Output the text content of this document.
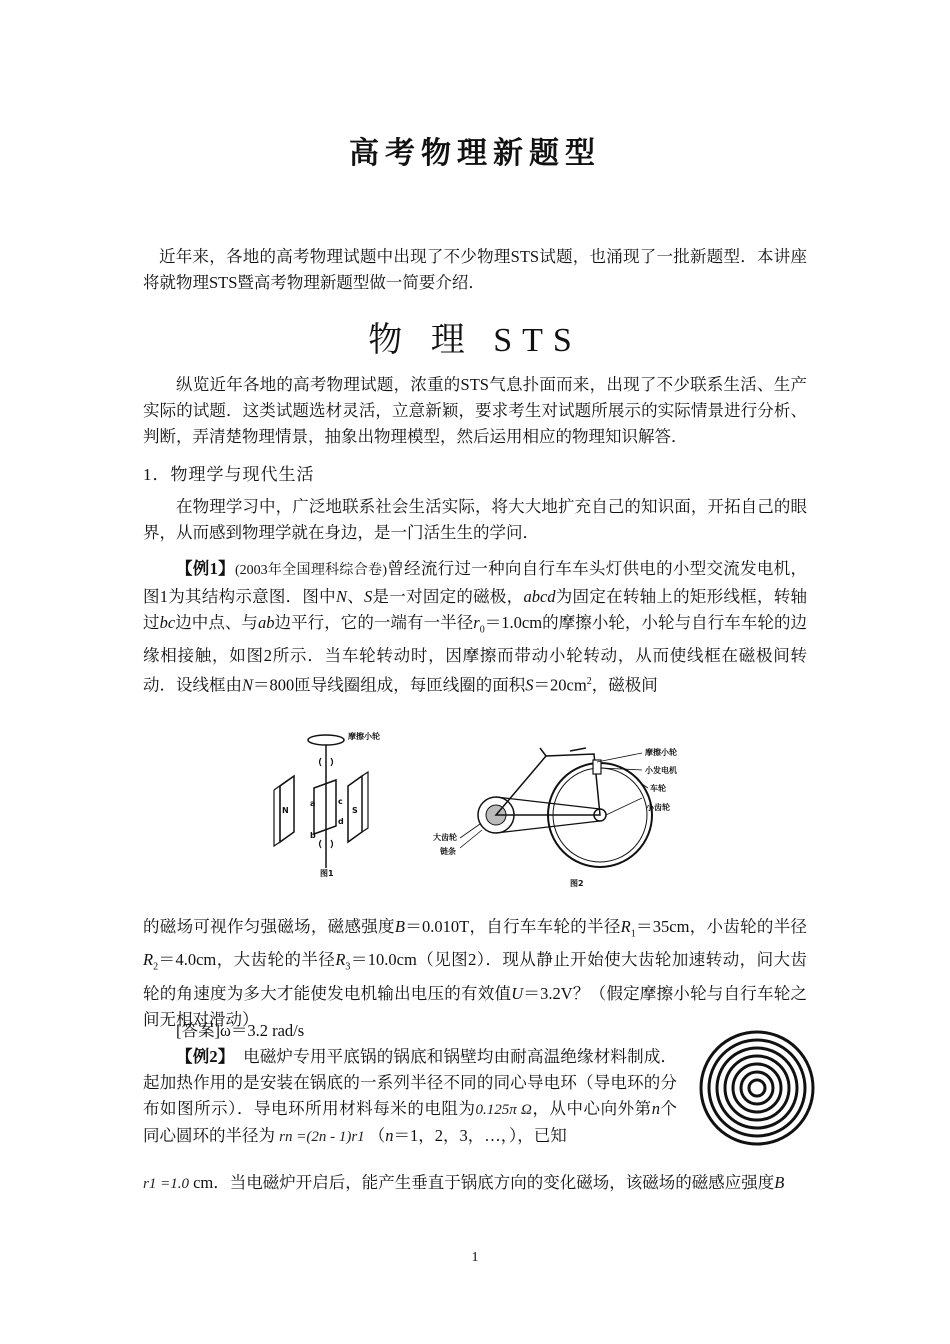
高考物理新题型

近年来，各地的高考物理试题中出现了不少物理STS试题，也涌现了一批新题型．本讲座将就物理STS暨高考物理新题型做一简要介绍．

物 理 STS

纵览近年各地的高考物理试题，浓重的STS气息扑面而来，出现了不少联系生活、生产实际的试题．这类试题选材灵活，立意新颖，要求考生对试题所展示的实际情景进行分析、判断，弄清楚物理情景，抽象出物理模型，然后运用相应的物理知识解答．

1．物理学与现代生活

在物理学习中，广泛地联系社会生活实际，将大大地扩充自己的知识面，开拓自己的眼界，从而感到物理学就在身边，是一门活生生的学问．

【例1】(2003年全国理科综合卷)曾经流行过一种向自行车车头灯供电的小型交流发电机，图1为其结构示意图．图中N、S是一对固定的磁极，abcd为固定在转轴上的矩形线框，转轴过bc边中点、与ab边平行，它的一端有一半径$r_0=1.0cm$的摩擦小轮，小轮与自行车车轮的边缘相接触，如图2所示．当车轮转动时，因摩擦而带动小轮转动，从而使线框在磁极间转动．设线框由N＝800匝导线圈组成，每匝线圈的面积$S=20cm^2$，磁极间

摩擦小轮
N	S
a
b
c
d
图1
摩擦小轮
小发电机
车轮
小齿轮
大齿轮
链条
图2

的磁场可视作匀强磁场，磁感强度B＝0.010T，自行车车轮的半径$R_1=35cm$，小齿轮的半径$R_2=4.0cm$，大齿轮的半径$R_3=10.0cm$（见图2）．现从静止开始使大齿轮加速转动，问大齿轮的角速度为多大才能使发电机输出电压的有效值U＝3.2V？（假定摩擦小轮与自行车轮之间无相对滑动）

[答案]ω＝3.2 rad/s

【例2】 电磁炉专用平底锅的锅底和锅壁均由耐高温绝缘材料制成．起加热作用的是安装在锅底的一系列半径不同的同心导电环（导电环的分布如图所示）．导电环所用材料每米的电阻为0.125π Ω，从中心向外第n个同心圆环的半径为 rn =(2n - 1)r1 （n＝1，2，3，…，），已知

r1 =1.0 cm．当电磁炉开启后，能产生垂直于锅底方向的变化磁场，该磁场的磁感应强度B

1
